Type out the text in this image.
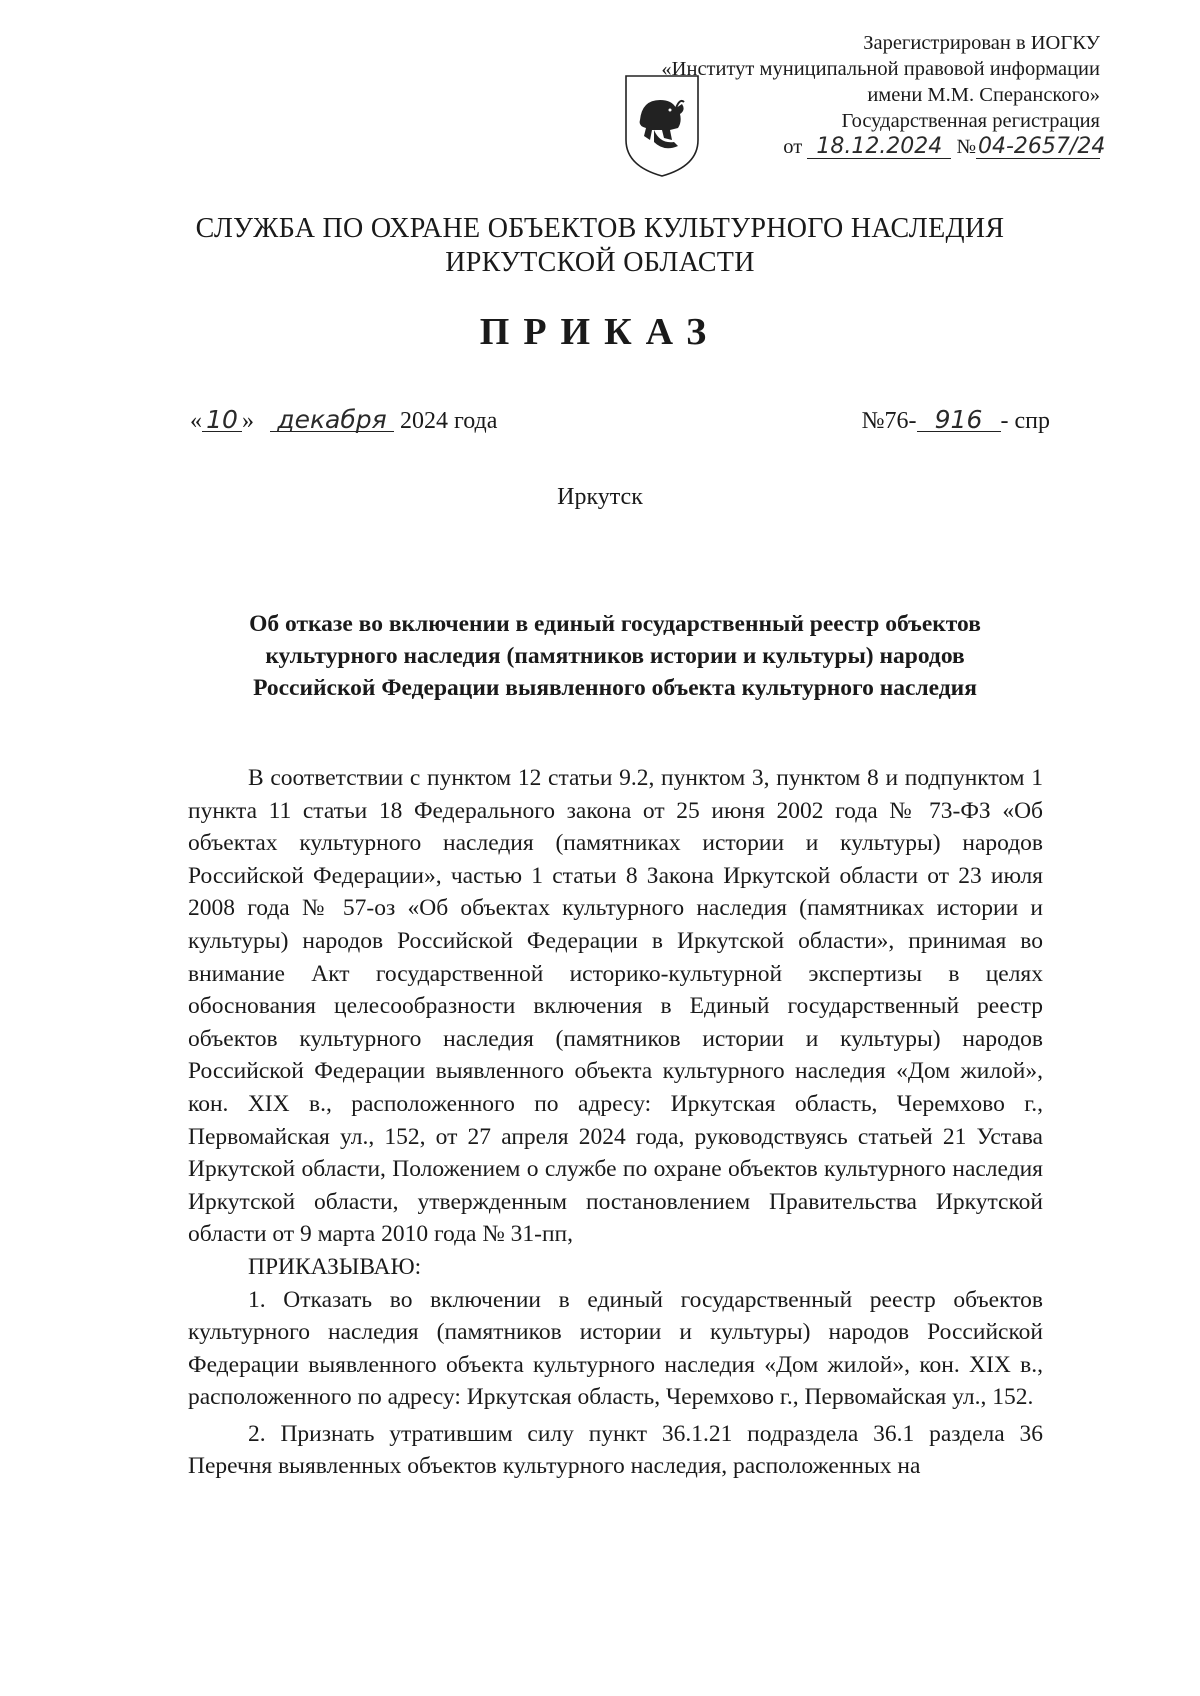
Зарегистрирован в ИОГКУ
«Институт муниципальной правовой информации
имени М.М. Сперанского»
Государственная регистрация
от 18.12.2024 №04-2657/24
СЛУЖБА ПО ОХРАНЕ ОБЪЕКТОВ КУЛЬТУРНОГО НАСЛЕДИЯ
ИРКУТСКОЙ ОБЛАСТИ
ПРИКАЗ
« 10 » декабря 2024 года	№76- 916 - спр
Иркутск
Об отказе во включении в единый государственный реестр объектов
культурного наследия (памятников истории и культуры) народов
Российской Федерации выявленного объекта культурного наследия

В соответствии с пунктом 12 статьи 9.2, пунктом 3, пунктом 8 и подпунктом 1 пункта 11 статьи 18 Федерального закона от 25 июня 2002 года № 73-ФЗ «Об объектах культурного наследия (памятниках истории и культуры) народов Российской Федерации», частью 1 статьи 8 Закона Иркутской области от 23 июля 2008 года № 57-оз «Об объектах культурного наследия (памятниках истории и культуры) народов Российской Федерации в Иркутской области», принимая во внимание Акт государственной историко-культурной экспертизы в целях обоснования целесообразности включения в Единый государственный реестр объектов культурного наследия (памятников истории и культуры) народов Российской Федерации выявленного объекта культурного наследия «Дом жилой», кон. XIX в., расположенного по адресу: Иркутская область, Черемхово г., Первомайская ул., 152, от 27 апреля 2024 года, руководствуясь статьей 21 Устава Иркутской области, Положением о службе по охране объектов культурного наследия Иркутской области, утвержденным постановлением Правительства Иркутской области от 9 марта 2010 года № 31-пп,

ПРИКАЗЫВАЮ:

1. Отказать во включении в единый государственный реестр объектов культурного наследия (памятников истории и культуры) народов Российской Федерации выявленного объекта культурного наследия «Дом жилой», кон. XIX в., расположенного по адресу: Иркутская область, Черемхово г., Первомайская ул., 152.

2. Признать утратившим силу пункт 36.1.21 подраздела 36.1 раздела 36 Перечня выявленных объектов культурного наследия, расположенных на
